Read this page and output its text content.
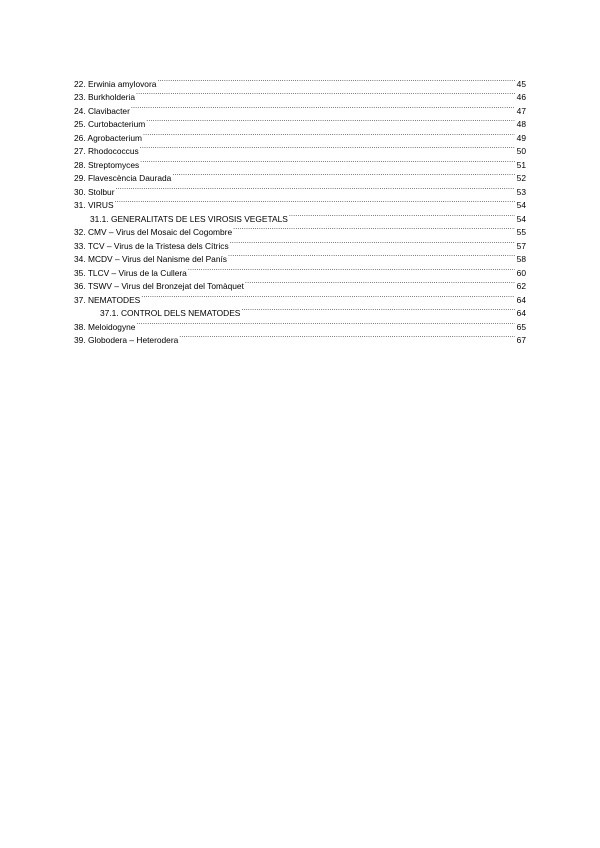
22. Erwinia amylovora .....	45
23. Burkholderia .....	46
24. Clavibacter .....	47
25. Curtobacterium .....	48
26. Agrobacterium .....	49
27. Rhodococcus .....	50
28. Streptomyces .....	51
29. Flavescència Daurada .....	52
30. Stolbur .....	53
31. VIRUS .....	54
31.1. GENERALITATS DE LES VIROSIS VEGETALS .....	54
32. CMV – Virus del Mosaic del Cogombre .....	55
33. TCV – Virus de la Tristesa dels Cítrics .....	57
34. MCDV – Virus del Nanisme del Panís .....	58
35. TLCV – Virus de la Cullera .....	60
36. TSWV – Virus del Bronzejat del Tomàquet .....	62
37. NEMATODES .....	64
37.1. CONTROL DELS NEMATODES .....	64
38. Meloidogyne .....	65
39. Globodera – Heterodera .....	67
